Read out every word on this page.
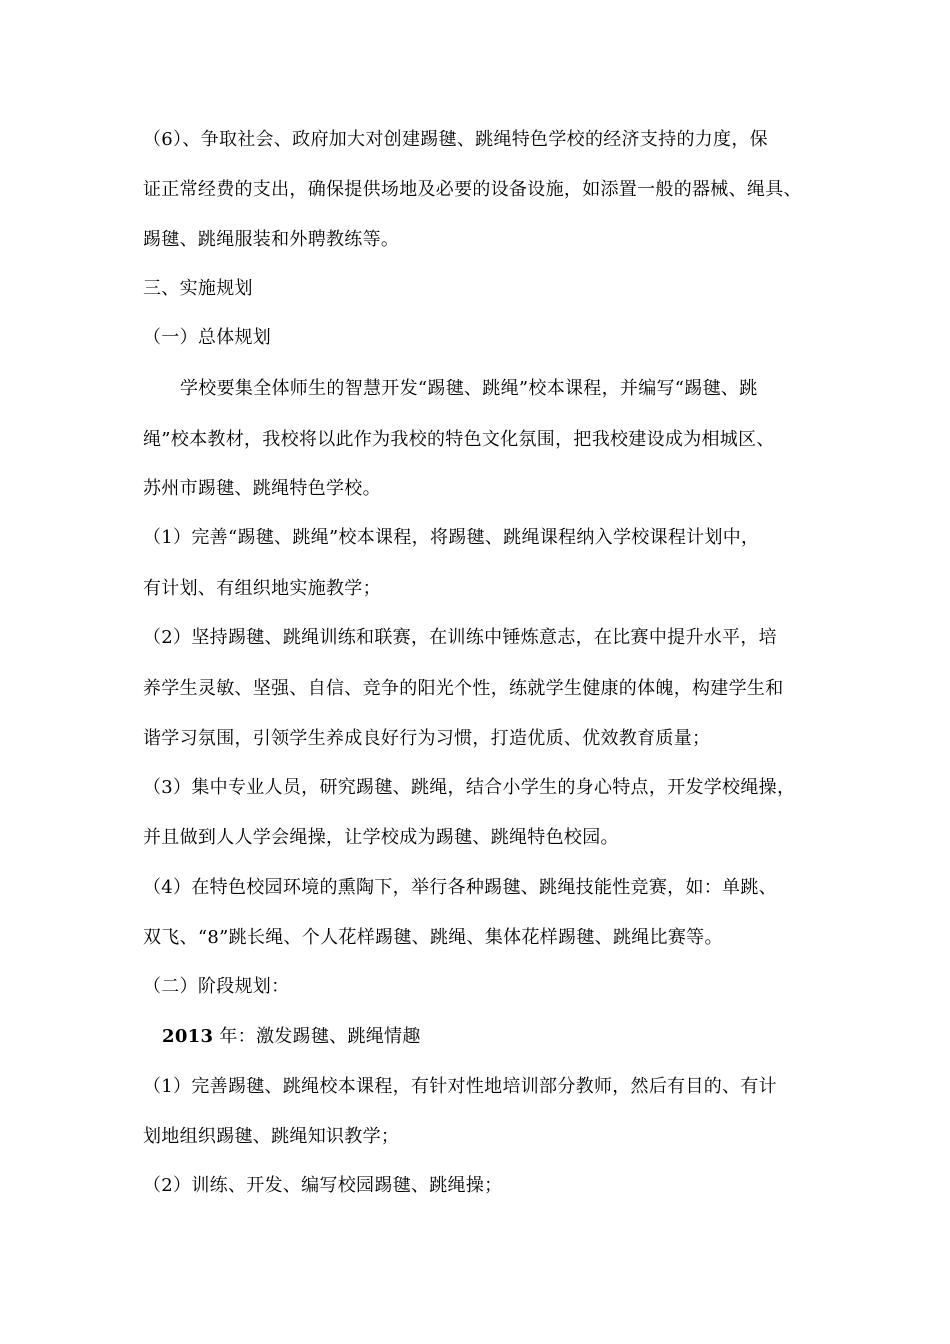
（6）、争取社会、政府加大对创建踢毽、跳绳特色学校的经济支持的力度，保
证正常经费的支出，确保提供场地及必要的设备设施，如添置一般的器械、绳具、
踢毽、跳绳服装和外聘教练等。
三、实施规划
（一）总体规划
学校要集全体师生的智慧开发“踢毽、跳绳”校本课程，并编写“踢毽、跳
绳”校本教材，我校将以此作为我校的特色文化氛围，把我校建设成为相城区、
苏州市踢毽、跳绳特色学校。
（1）完善“踢毽、跳绳”校本课程，将踢毽、跳绳课程纳入学校课程计划中，
有计划、有组织地实施教学；
（2）坚持踢毽、跳绳训练和联赛，在训练中锤炼意志，在比赛中提升水平，培
养学生灵敏、坚强、自信、竞争的阳光个性，练就学生健康的体魄，构建学生和
谐学习氛围，引领学生养成良好行为习惯，打造优质、优效教育质量；
（3）集中专业人员，研究踢毽、跳绳，结合小学生的身心特点，开发学校绳操，
并且做到人人学会绳操，让学校成为踢毽、跳绳特色校园。
（4）在特色校园环境的熏陶下，举行各种踢毽、跳绳技能性竞赛，如：单跳、
双飞、“8”跳长绳、个人花样踢毽、跳绳、集体花样踢毽、跳绳比赛等。
（二）阶段规划：
2013 年：激发踢毽、跳绳情趣
（1）完善踢毽、跳绳校本课程，有针对性地培训部分教师，然后有目的、有计
划地组织踢毽、跳绳知识教学；
（2）训练、开发、编写校园踢毽、跳绳操；
